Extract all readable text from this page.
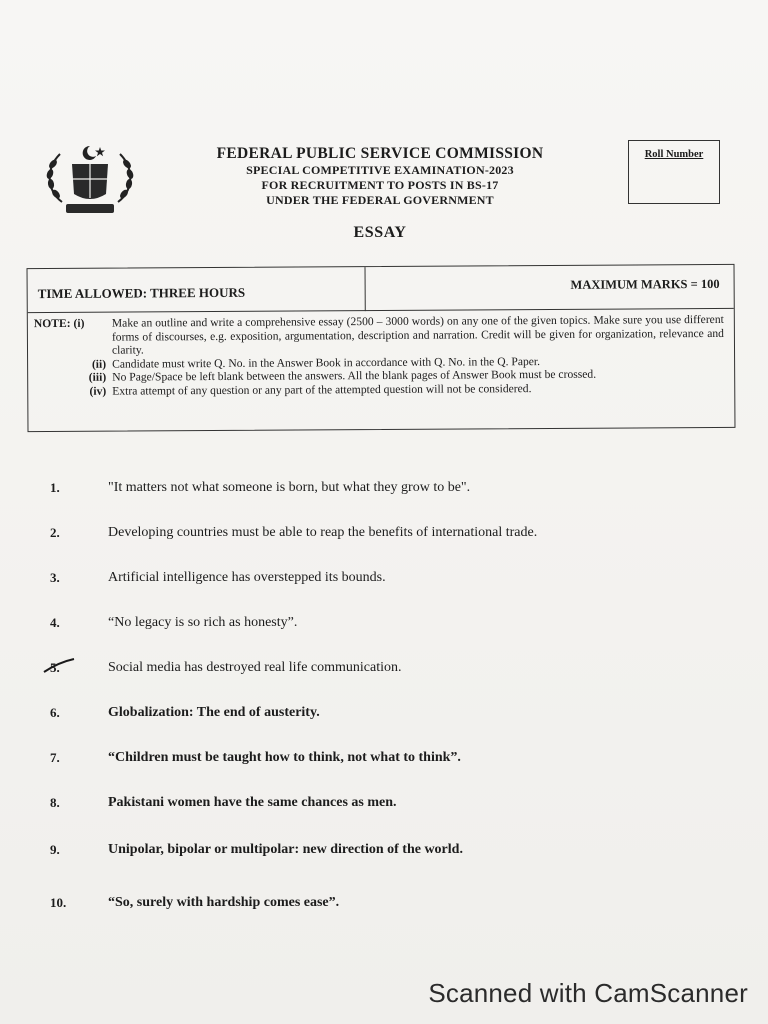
FEDERAL PUBLIC SERVICE COMMISSION
SPECIAL COMPETITIVE EXAMINATION-2023
FOR RECRUITMENT TO POSTS IN BS-17
UNDER THE FEDERAL GOVERNMENT
Roll Number
ESSAY
TIME ALLOWED: THREE HOURS
MAXIMUM MARKS = 100
NOTE: (i)	Make an outline and write a comprehensive essay (2500 – 3000 words) on any one of the given topics. Make sure you use different forms of discourses, e.g. exposition, argumentation, description and narration. Credit will be given for organization, relevance and clarity.
(ii) Candidate must write Q. No. in the Answer Book in accordance with Q. No. in the Q. Paper.
(iii) No Page/Space be left blank between the answers. All the blank pages of Answer Book must be crossed.
(iv) Extra attempt of any question or any part of the attempted question will not be considered.
1.	"It matters not what someone is born, but what they grow to be".
2.	Developing countries must be able to reap the benefits of international trade.
3.	Artificial intelligence has overstepped its bounds.
4.	“No legacy is so rich as honesty”.
5.	Social media has destroyed real life communication.
6.	Globalization: The end of austerity.
7.	“Children must be taught how to think, not what to think”.
8.	Pakistani women have the same chances as men.
9.	Unipolar, bipolar or multipolar: new direction of the world.
10.	“So, surely with hardship comes ease”.
Scanned with CamScanner
